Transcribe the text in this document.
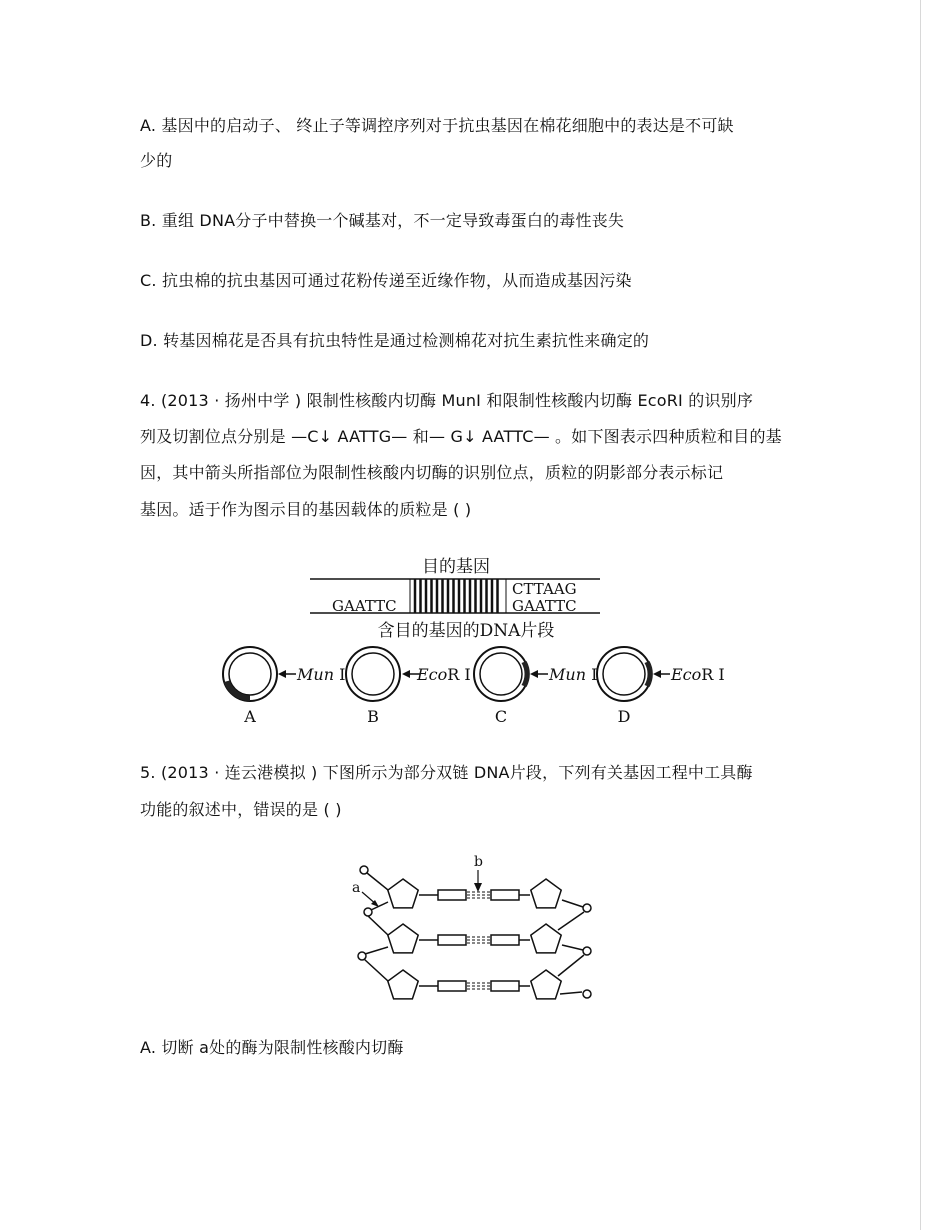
A. 基因中的启动子、 终止子等调控序列对于抗虫基因在棉花细胞中的表达是不可缺
少的
B. 重组 DNA分子中替换一个碱基对，不一定导致毒蛋白的毒性丧失
C. 抗虫棉的抗虫基因可通过花粉传递至近缘作物，从而造成基因污染
D. 转基因棉花是否具有抗虫特性是通过检测棉花对抗生素抗性来确定的
4. (2013 · 扬州中学 ) 限制性核酸内切酶 MunⅠ 和限制性核酸内切酶 EcoRⅠ 的识别序
列及切割位点分别是 —C↓ AATTG— 和— G↓ AATTC— 。如下图表示四种质粒和目的基
因，其中箭头所指部位为限制性核酸内切酶的识别位点，质粒的阴影部分表示标记
基因。适于作为图示目的基因载体的质粒是 ( )
目的基因
GAATTC
CTTAAG
GAATTC
含目的基因的DNA片段
Mun Ⅰ
A
EcoR Ⅰ
B
Mun Ⅰ
C
EcoR Ⅰ
D
5. (2013 · 连云港模拟 ) 下图所示为部分双链 DNA片段，下列有关基因工程中工具酶
功能的叙述中，错误的是 ( )
a
b
A. 切断 a处的酶为限制性核酸内切酶
